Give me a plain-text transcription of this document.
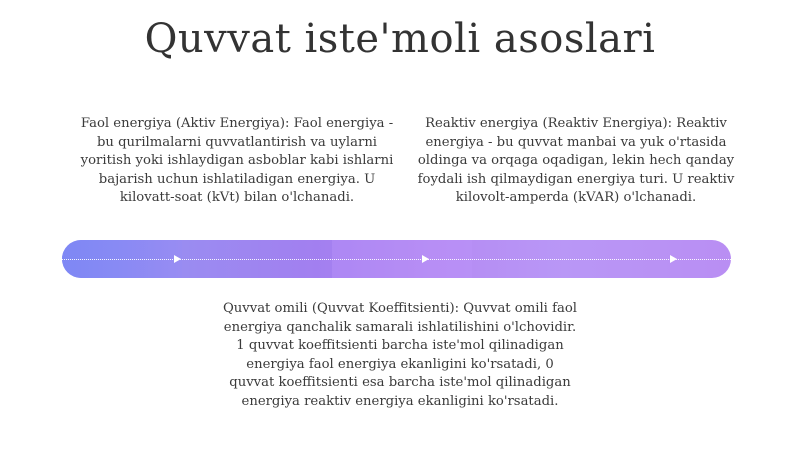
Quvvat iste'moli asoslari

Faol energiya (Aktiv Energiya): Faol energiya - bu qurilmalarni quvvatlantirish va uylarni yoritish yoki ishlaydigan asboblar kabi ishlarni bajarish uchun ishlatiladigan energiya. U kilovatt-soat (kVt) bilan o'lchanadi.

Reaktiv energiya (Reaktiv Energiya): Reaktiv energiya - bu quvvat manbai va yuk o'rtasida oldinga va orqaga oqadigan, lekin hech qanday foydali ish qilmaydigan energiya turi. U reaktiv kilovolt-amperda (kVAR) o'lchanadi.

Quvvat omili (Quvvat Koeffitsienti): Quvvat omili faol energiya qanchalik samarali ishlatilishini o'lchovidir. 1 quvvat koeffitsienti barcha iste'mol qilinadigan energiya faol energiya ekanligini ko'rsatadi, 0 quvvat koeffitsienti esa barcha iste'mol qilinadigan energiya reaktiv energiya ekanligini ko'rsatadi.
